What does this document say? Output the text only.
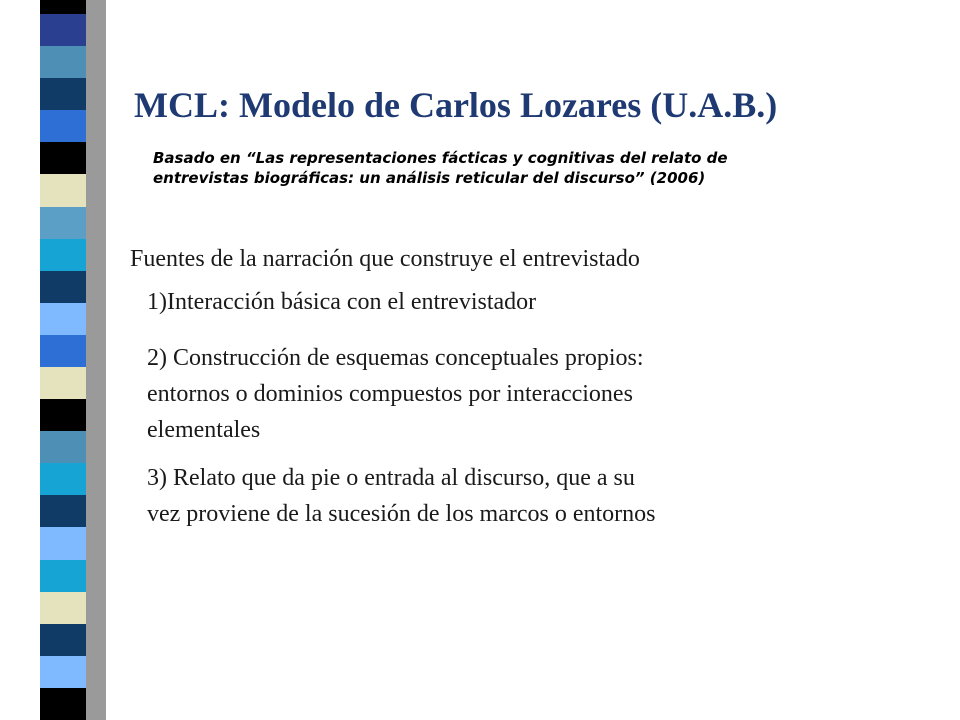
MCL: Modelo de Carlos Lozares (U.A.B.)
Basado en “Las representaciones fácticas y cognitivas del relato de
entrevistas biográficas: un análisis reticular del discurso” (2006)
Fuentes de la narración que construye el entrevistado
1)Interacción básica con el entrevistador
2) Construcción de esquemas conceptuales propios:
entornos o dominios compuestos por interacciones
elementales
3) Relato que da pie o entrada al discurso, que a su
vez proviene de la sucesión de los marcos o entornos
